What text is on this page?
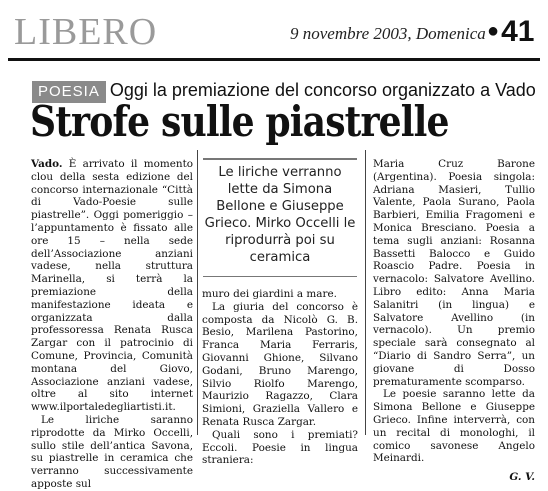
LIBERO	9 novembre 2003, Domenica ●41
POESIA Oggi la premiazione del concorso organizzato a Vado
Strofe sulle piastrelle

Vado. È arrivato il momento clou della sesta edizione del concorso internazionale “Città di Vado-Poesie sulle piastrelle”. Oggi pomeriggio – l’appuntamento è fissato alle ore 15 – nella sede dell’Associazione anziani vadese, nella struttura Marinella, si terrà la premiazione della manifestazione ideata e organizzata dalla professoressa Renata Rusca Zargar con il patrocinio di Comune, Provincia, Comunità montana del Giovo, Associazione anziani vadese, oltre al sito internet www.ilportaledegliartisti.it.

Le liriche saranno riprodotte da Mirko Occelli, sullo stile dell’antica Savona, su piastrelle in ceramica che verranno successivamente apposte sul

Le liriche verranno lette da Simona Bellone e Giuseppe Grieco. Mirko Occelli le riprodurrà poi su ceramica

muro dei giardini a mare.

La giuria del concorso è composta da Nicolò G. B. Besio, Marilena Pastorino, Franca Maria Ferraris, Giovanni Ghione, Silvano Godani, Bruno Marengo, Silvio Riolfo Marengo, Maurizio Ragazzo, Clara Simioni, Graziella Vallero e Renata Rusca Zargar.

Quali sono i premiati? Eccoli. Poesie in lingua straniera:

Maria Cruz Barone (Argentina). Poesia singola: Adriana Masieri, Tullio Valente, Paola Surano, Paola Barbieri, Emilia Fragomeni e Monica Bresciano. Poesia a tema sugli anziani: Rosanna Bassetti Balocco e Guido Roascio Padre. Poesia in vernacolo: Salvatore Avellino. Libro edito: Anna Maria Salanitri (in lingua) e Salvatore Avellino (in vernacolo). Un premio speciale sarà consegnato al “Diario di Sandro Serra”, un giovane di Dosso prematuramente scomparso.

Le poesie saranno lette da Simona Bellone e Giuseppe Grieco. Infine interverrà, con un recital di monologhi, il comico savonese Angelo Meinardi.

G. V.
